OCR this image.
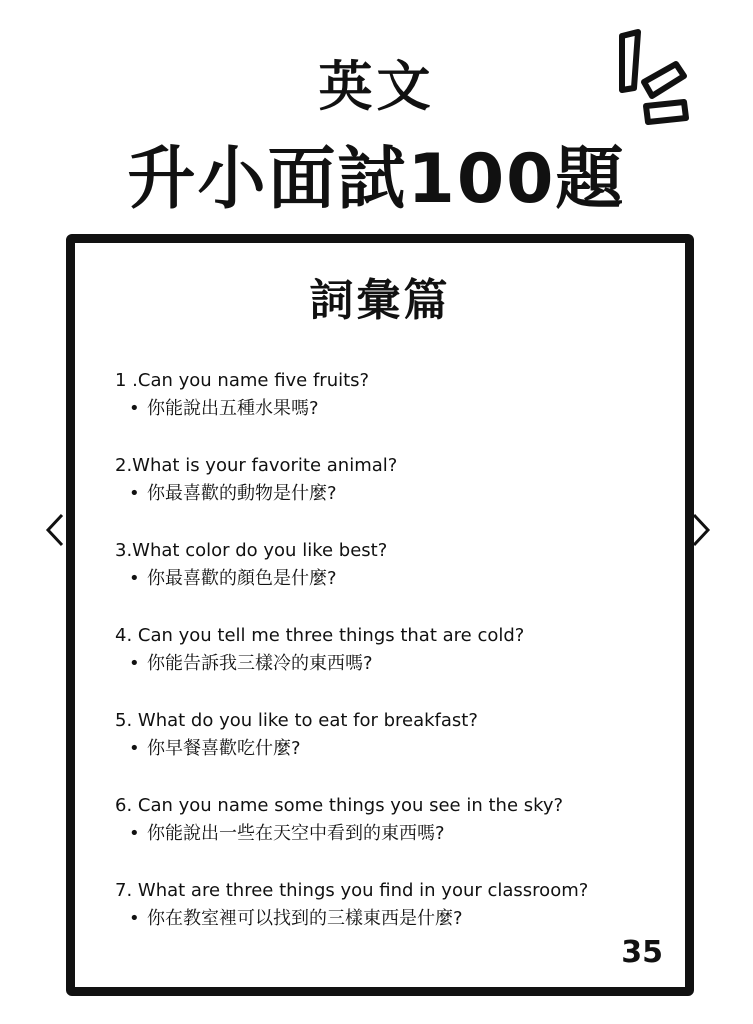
英文
升小面試100題
詞彙篇
1 .Can you name five fruits?
• 你能說出五種水果嗎?
2.What is your favorite animal?
• 你最喜歡的動物是什麼?
3.What color do you like best?
• 你最喜歡的顏色是什麼?
4. Can you tell me three things that are cold?
• 你能告訴我三樣冷的東西嗎?
5. What do you like to eat for breakfast?
• 你早餐喜歡吃什麼?
6. Can you name some things you see in the sky?
• 你能說出一些在天空中看到的東西嗎?
7. What are three things you find in your classroom?
• 你在教室裡可以找到的三樣東西是什麼?
35
